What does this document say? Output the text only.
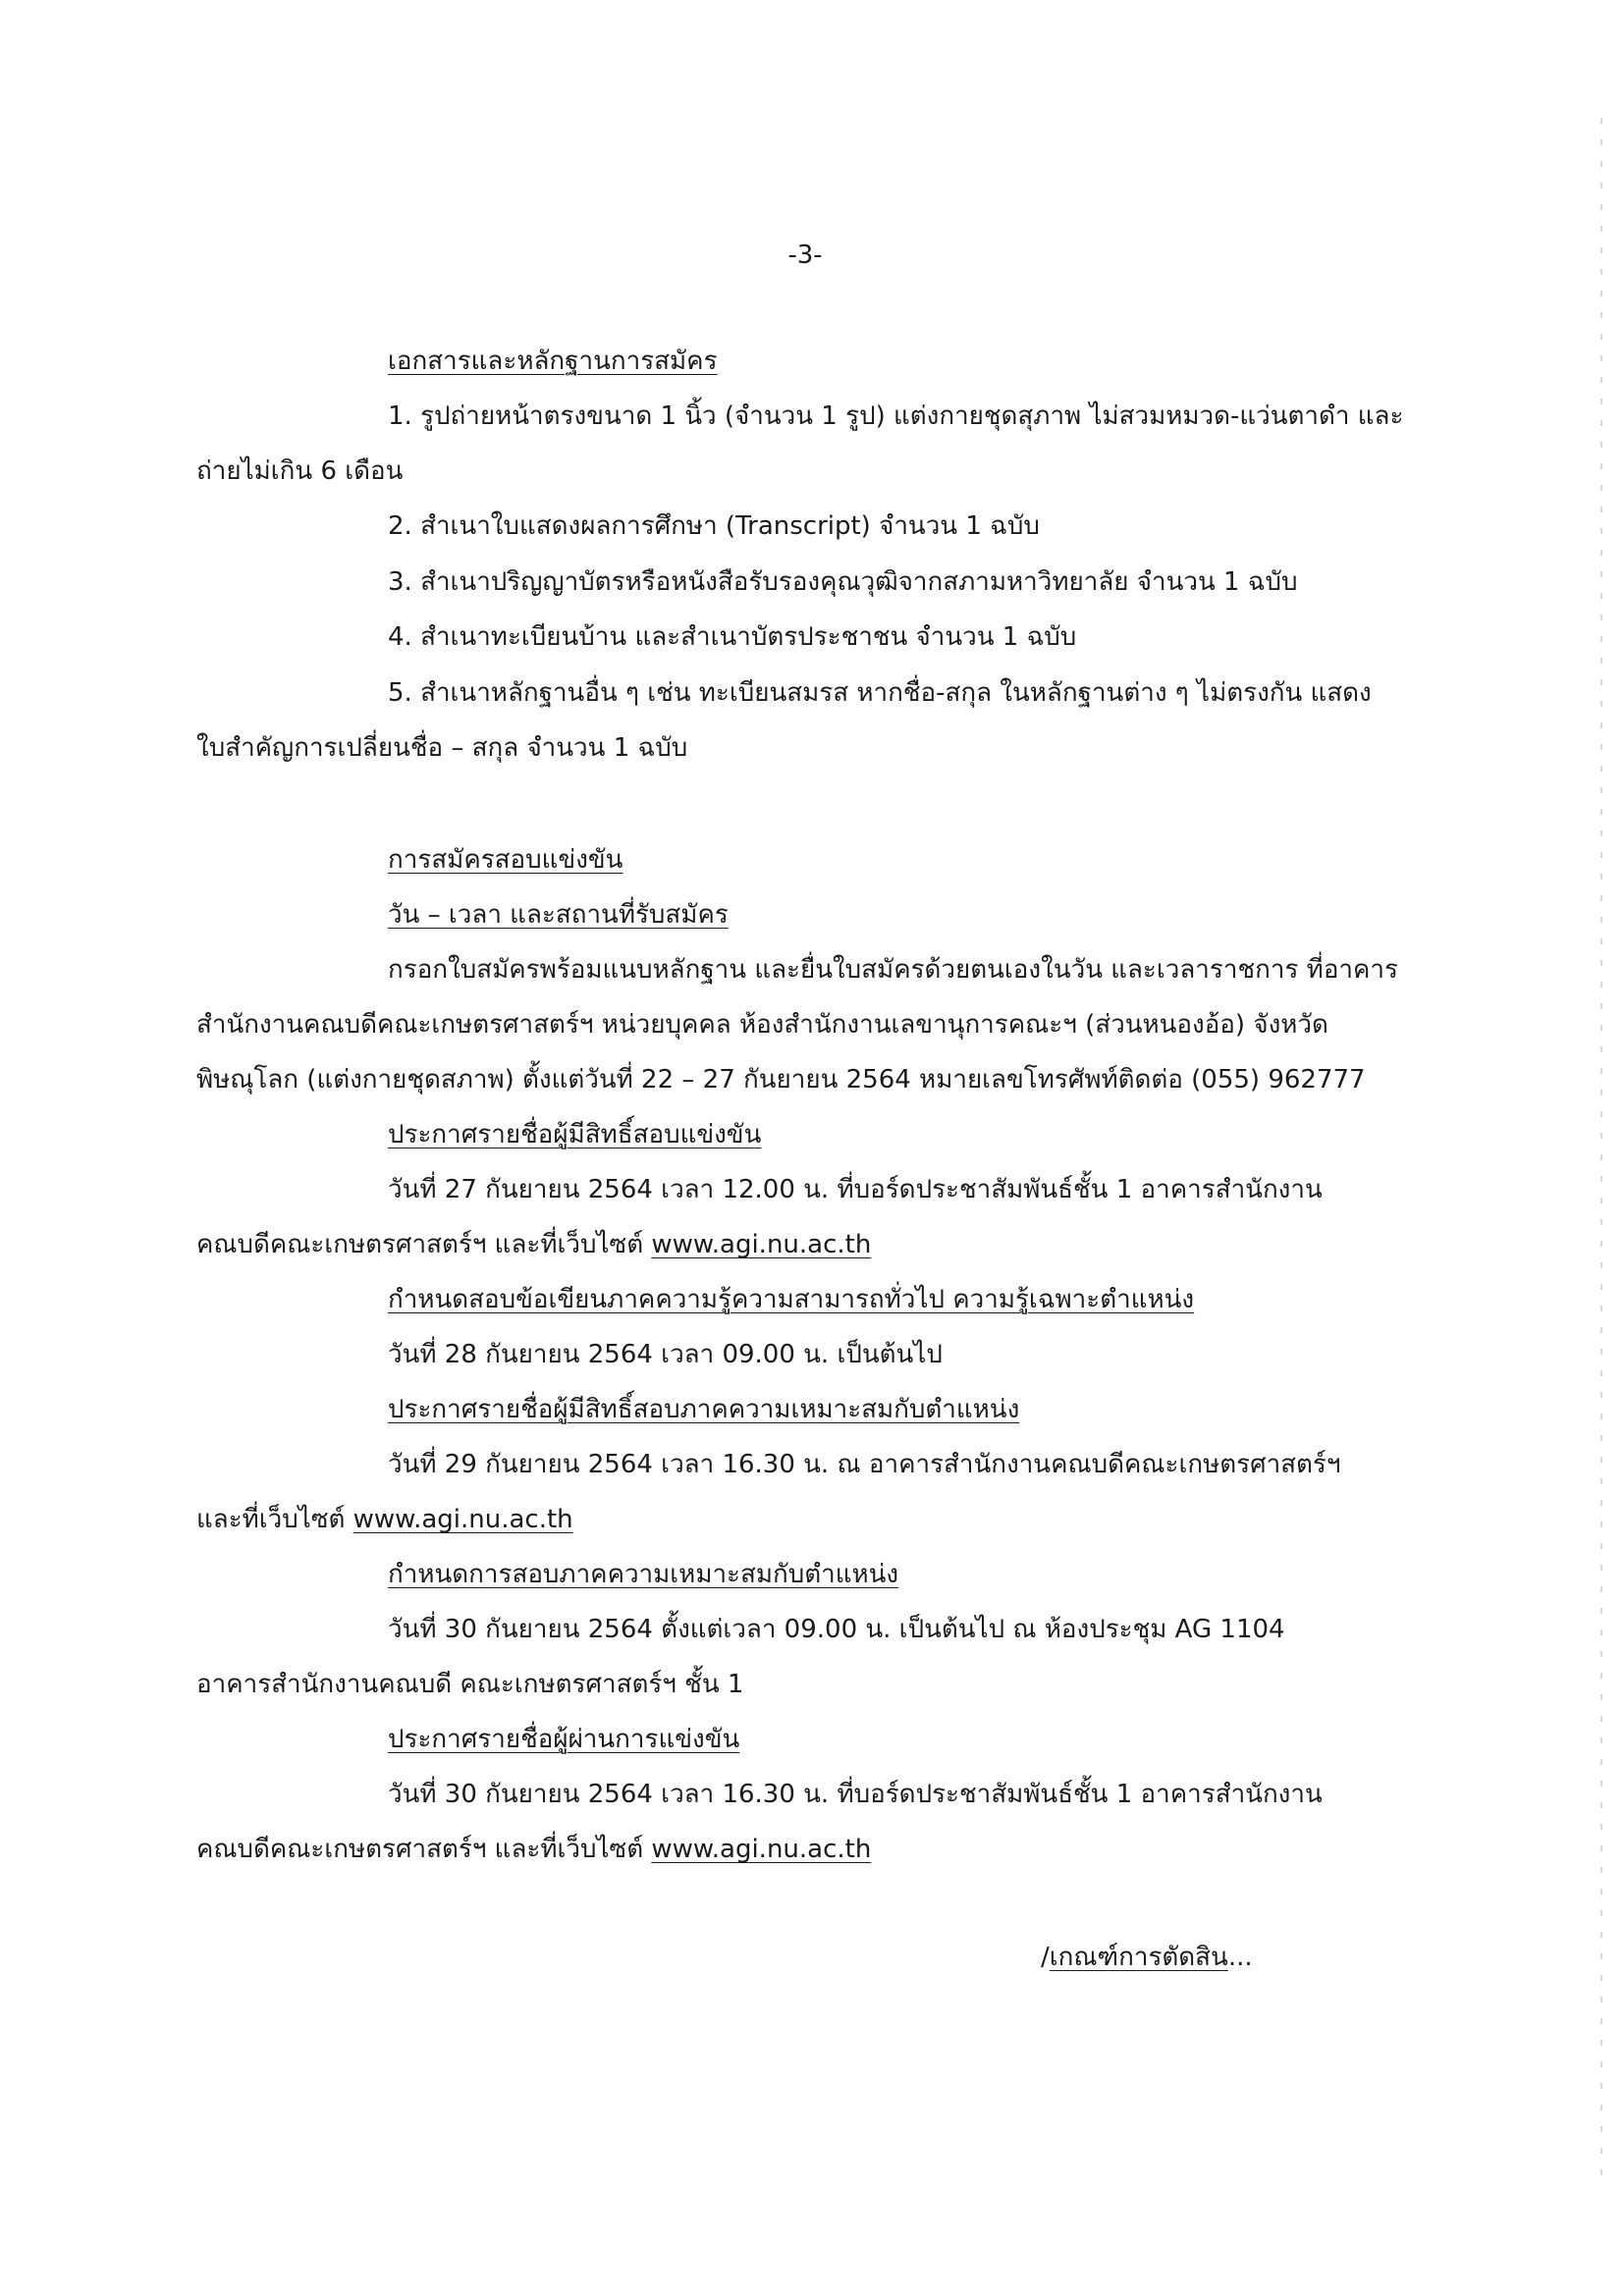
-3-
เอกสารและหลักฐานการสมัคร
1. รูปถ่ายหน้าตรงขนาด 1 นิ้ว (จำนวน 1 รูป) แต่งกายชุดสุภาพ ไม่สวมหมวด-แว่นตาดำ และ
ถ่ายไม่เกิน 6 เดือน
2. สำเนาใบแสดงผลการศึกษา (Transcript) จำนวน 1 ฉบับ
3. สำเนาปริญญาบัตรหรือหนังสือรับรองคุณวุฒิจากสภามหาวิทยาลัย จำนวน 1 ฉบับ
4. สำเนาทะเบียนบ้าน และสำเนาบัตรประชาชน จำนวน 1 ฉบับ
5. สำเนาหลักฐานอื่น ๆ เช่น ทะเบียนสมรส หากชื่อ-สกุล ในหลักฐานต่าง ๆ ไม่ตรงกัน แสดง
ใบสำคัญการเปลี่ยนชื่อ – สกุล จำนวน 1 ฉบับ
การสมัครสอบแข่งขัน
วัน – เวลา และสถานที่รับสมัคร
กรอกใบสมัครพร้อมแนบหลักฐาน และยื่นใบสมัครด้วยตนเองในวัน และเวลาราชการ ที่อาคาร
สำนักงานคณบดีคณะเกษตรศาสตร์ฯ หน่วยบุคคล ห้องสำนักงานเลขานุการคณะฯ (ส่วนหนองอ้อ) จังหวัด
พิษณุโลก (แต่งกายชุดสภาพ) ตั้งแต่วันที่ 22 – 27 กันยายน 2564 หมายเลขโทรศัพท์ติดต่อ (055) 962777
ประกาศรายชื่อผู้มีสิทธิ์สอบแข่งขัน
วันที่ 27 กันยายน 2564 เวลา 12.00 น. ที่บอร์ดประชาสัมพันธ์ชั้น 1 อาคารสำนักงาน
คณบดีคณะเกษตรศาสตร์ฯ และที่เว็บไซต์ www.agi.nu.ac.th
กำหนดสอบข้อเขียนภาคความรู้ความสามารถทั่วไป ความรู้เฉพาะตำแหน่ง
วันที่ 28 กันยายน 2564 เวลา 09.00 น. เป็นต้นไป
ประกาศรายชื่อผู้มีสิทธิ์สอบภาคความเหมาะสมกับตำแหน่ง
วันที่ 29 กันยายน 2564 เวลา 16.30 น. ณ อาคารสำนักงานคณบดีคณะเกษตรศาสตร์ฯ
และที่เว็บไซต์ www.agi.nu.ac.th
กำหนดการสอบภาคความเหมาะสมกับตำแหน่ง
วันที่ 30 กันยายน 2564 ตั้งแต่เวลา 09.00 น. เป็นต้นไป ณ ห้องประชุม AG 1104
อาคารสำนักงานคณบดี คณะเกษตรศาสตร์ฯ ชั้น 1
ประกาศรายชื่อผู้ผ่านการแข่งขัน
วันที่ 30 กันยายน 2564 เวลา 16.30 น. ที่บอร์ดประชาสัมพันธ์ชั้น 1 อาคารสำนักงาน
คณบดีคณะเกษตรศาสตร์ฯ และที่เว็บไซต์ www.agi.nu.ac.th
/เกณฑ์การตัดสิน...
